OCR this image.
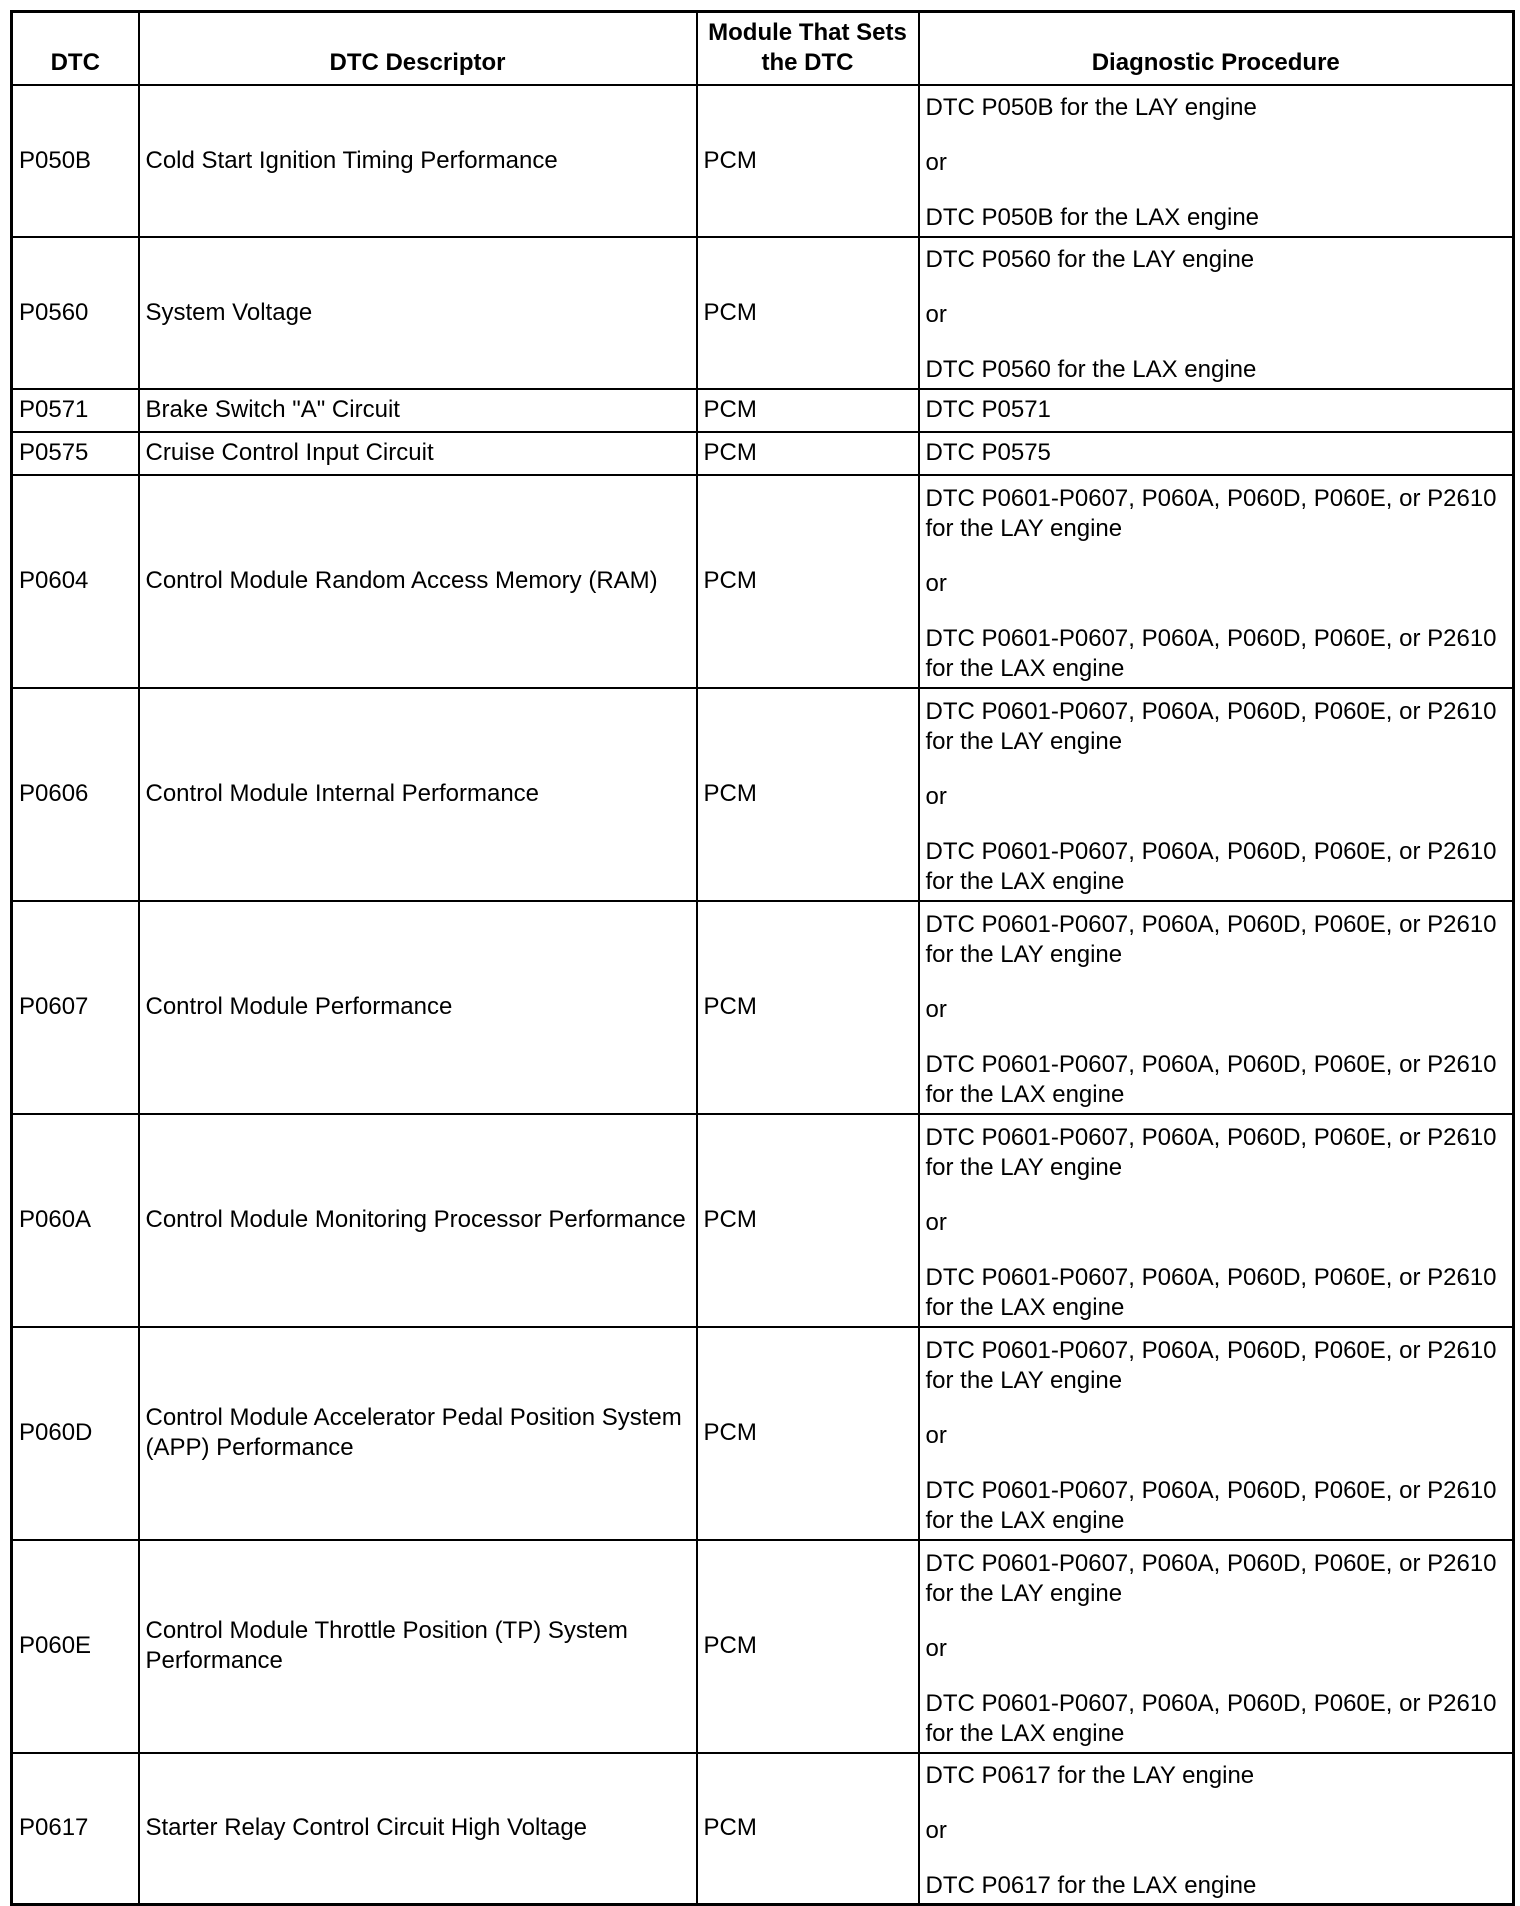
DTC	DTC Descriptor	Module That Sets the DTC	Diagnostic Procedure
P050B	Cold Start Ignition Timing Performance	PCM	DTC P050B for the LAY engine
or
DTC P050B for the LAX engine

P0560	System Voltage	PCM	DTC P0560 for the LAY engine
or
DTC P0560 for the LAX engine

P0571	Brake Switch "A" Circuit	PCM	DTC P0571

P0575	Cruise Control Input Circuit	PCM	DTC P0575

P0604	Control Module Random Access Memory (RAM)	PCM	DTC P0601-P0607, P060A, P060D, P060E, or P2610 for the LAY engine
or
DTC P0601-P0607, P060A, P060D, P060E, or P2610 for the LAX engine

P0606	Control Module Internal Performance	PCM	DTC P0601-P0607, P060A, P060D, P060E, or P2610 for the LAY engine
or
DTC P0601-P0607, P060A, P060D, P060E, or P2610 for the LAX engine

P0607	Control Module Performance	PCM	DTC P0601-P0607, P060A, P060D, P060E, or P2610 for the LAY engine
or
DTC P0601-P0607, P060A, P060D, P060E, or P2610 for the LAX engine

P060A	Control Module Monitoring Processor Performance	PCM	DTC P0601-P0607, P060A, P060D, P060E, or P2610 for the LAY engine
or
DTC P0601-P0607, P060A, P060D, P060E, or P2610 for the LAX engine

P060D	Control Module Accelerator Pedal Position System (APP) Performance	PCM	DTC P0601-P0607, P060A, P060D, P060E, or P2610 for the LAY engine
or
DTC P0601-P0607, P060A, P060D, P060E, or P2610 for the LAX engine

P060E	Control Module Throttle Position (TP) System Performance	PCM	DTC P0601-P0607, P060A, P060D, P060E, or P2610 for the LAY engine
or
DTC P0601-P0607, P060A, P060D, P060E, or P2610 for the LAX engine

P0617	Starter Relay Control Circuit High Voltage	PCM	DTC P0617 for the LAY engine
or
DTC P0617 for the LAX engine
